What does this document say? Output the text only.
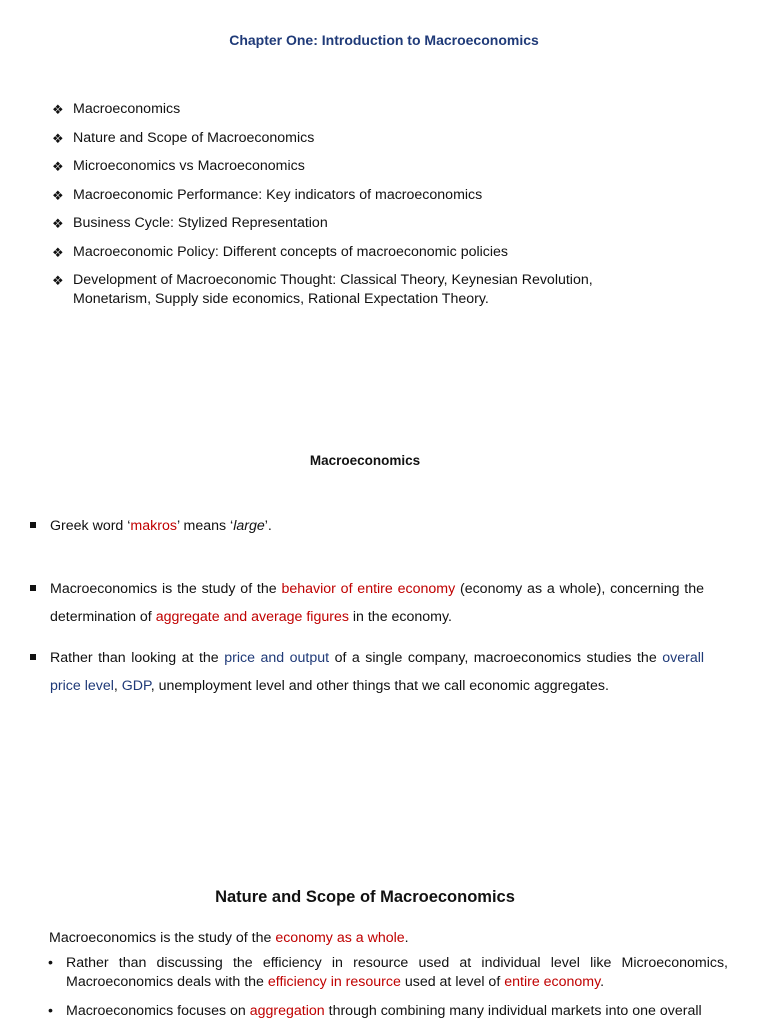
Chapter One: Introduction to Macroeconomics
❖ Macroeconomics
❖ Nature and Scope of Macroeconomics
❖ Microeconomics vs Macroeconomics
❖ Macroeconomic Performance: Key indicators of macroeconomics
❖ Business Cycle: Stylized Representation
❖ Macroeconomic Policy: Different concepts of macroeconomic policies
❖ Development of Macroeconomic Thought: Classical Theory, Keynesian Revolution, Monetarism, Supply side economics, Rational Expectation Theory.
Macroeconomics
Greek word ‘makros’ means ‘large’.
Macroeconomics is the study of the behavior of entire economy (economy as a whole), concerning the determination of aggregate and average figures in the economy.
Rather than looking at the price and output of a single company, macroeconomics studies the overall price level, GDP, unemployment level and other things that we call economic aggregates.
Nature and Scope of Macroeconomics
Macroeconomics is the study of the economy as a whole.
• Rather than discussing the efficiency in resource used at individual level like Microeconomics, Macroeconomics deals with the efficiency in resource used at level of entire economy.
• Macroeconomics focuses on aggregation through combining many individual markets into one overall
